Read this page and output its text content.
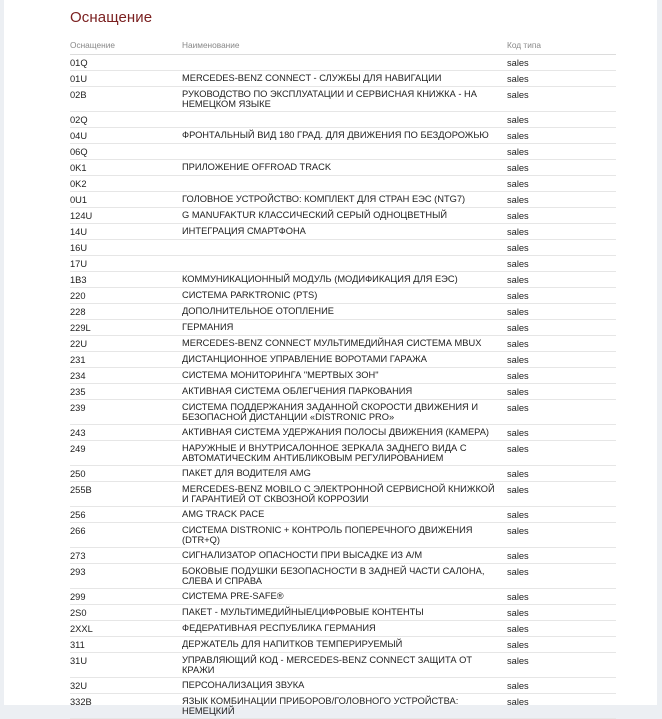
Оснащение
Оснащение	Наименование	Код типа
01Q		sales
01U	MERCEDES-BENZ CONNECT - СЛУЖБЫ ДЛЯ НАВИГАЦИИ	sales
02B	РУКОВОДСТВО ПО ЭКСПЛУАТАЦИИ И СЕРВИСНАЯ КНИЖКА - НА НЕМЕЦКОМ ЯЗЫКЕ	sales
02Q		sales
04U	ФРОНТАЛЬНЫЙ ВИД 180 ГРАД. ДЛЯ ДВИЖЕНИЯ ПО БЕЗДОРОЖЬЮ	sales
06Q		sales
0K1	ПРИЛОЖЕНИЕ OFFROAD TRACK	sales
0K2		sales
0U1	ГОЛОВНОЕ УСТРОЙСТВО: КОМПЛЕКТ ДЛЯ СТРАН ЕЭС (NTG7)	sales
124U	G MANUFAKTUR КЛАССИЧЕСКИЙ СЕРЫЙ ОДНОЦВЕТНЫЙ	sales
14U	ИНТЕГРАЦИЯ СМАРТФОНА	sales
16U		sales
17U		sales
1B3	КОММУНИКАЦИОННЫЙ МОДУЛЬ (МОДИФИКАЦИЯ ДЛЯ ЕЭС)	sales
220	СИСТЕМА PARKTRONIC (PTS)	sales
228	ДОПОЛНИТЕЛЬНОЕ ОТОПЛЕНИЕ	sales
229L	ГЕРМАНИЯ	sales
22U	MERCEDES-BENZ CONNECT МУЛЬТИМЕДИЙНАЯ СИСТЕМА MBUX	sales
231	ДИСТАНЦИОННОЕ УПРАВЛЕНИЕ ВОРОТАМИ ГАРАЖА	sales
234	СИСТЕМА МОНИТОРИНГА "МЕРТВЫХ ЗОН"	sales
235	АКТИВНАЯ СИСТЕМА ОБЛЕГЧЕНИЯ ПАРКОВАНИЯ	sales
239	СИСТЕМА ПОДДЕРЖАНИЯ ЗАДАННОЙ СКОРОСТИ ДВИЖЕНИЯ И БЕЗОПАСНОЙ ДИСТАНЦИИ «DISTRONIC PRO»	sales
243	АКТИВНАЯ СИСТЕМА УДЕРЖАНИЯ ПОЛОСЫ ДВИЖЕНИЯ (КАМЕРА)	sales
249	НАРУЖНЫЕ И ВНУТРИСАЛОННОЕ ЗЕРКАЛА ЗАДНЕГО ВИДА С АВТОМАТИЧЕСКИМ АНТИБЛИКОВЫМ РЕГУЛИРОВАНИЕМ	sales
250	ПАКЕТ ДЛЯ ВОДИТЕЛЯ AMG	sales
255B	MERCEDES-BENZ MOBILO С ЭЛЕКТРОННОЙ СЕРВИСНОЙ КНИЖКОЙ И ГАРАНТИЕЙ ОТ СКВОЗНОЙ КОРРОЗИИ	sales
256	AMG TRACK PACE	sales
266	СИСТЕМА DISTRONIC + КОНТРОЛЬ ПОПЕРЕЧНОГО ДВИЖЕНИЯ (DTR+Q)	sales
273	СИГНАЛИЗАТОР ОПАСНОСТИ ПРИ ВЫСАДКЕ ИЗ А/М	sales
293	БОКОВЫЕ ПОДУШКИ БЕЗОПАСНОСТИ В ЗАДНЕЙ ЧАСТИ САЛОНА, СЛЕВА И СПРАВА	sales
299	СИСТЕМА PRE-SAFE®	sales
2S0	ПАКЕТ - МУЛЬТИМЕДИЙНЫЕ/ЦИФРОВЫЕ КОНТЕНТЫ	sales
2XXL	ФЕДЕРАТИВНАЯ РЕСПУБЛИКА ГЕРМАНИЯ	sales
311	ДЕРЖАТЕЛЬ ДЛЯ НАПИТКОВ ТЕМПЕРИРУЕМЫЙ	sales
31U	УПРАВЛЯЮЩИЙ КОД - MERCEDES-BENZ CONNECT ЗАЩИТА ОТ КРАЖИ	sales
32U	ПЕРСОНАЛИЗАЦИЯ ЗВУКА	sales
332B	ЯЗЫК КОМБИНАЦИИ ПРИБОРОВ/ГОЛОВНОГО УСТРОЙСТВА: НЕМЕЦКИЙ	sales
